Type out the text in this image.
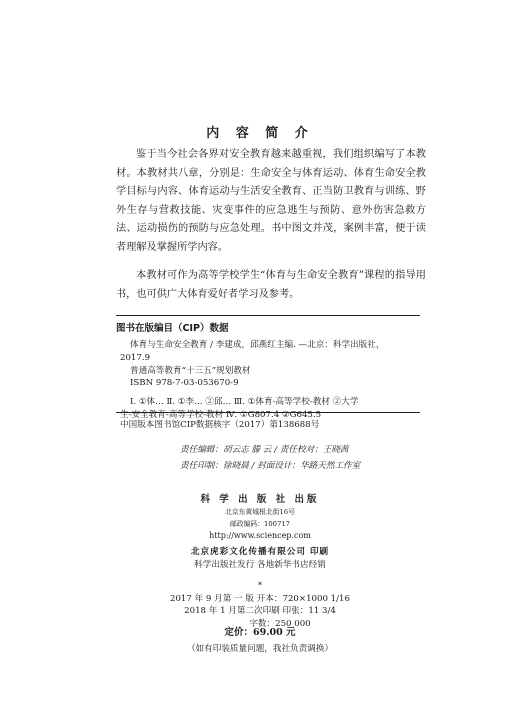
内 容 简 介

鉴于当今社会各界对安全教育越来越重视，我们组织编写了本教材。本教材共八章，分别是：生命安全与体育运动、体育生命安全教学目标与内容、体育运动与生活安全教育、正当防卫教育与训练、野外生存与营救技能、灾变事件的应急逃生与预防、意外伤害急救方法、运动损伤的预防与应急处理。书中图文并茂，案例丰富，便于读者理解及掌握所学内容。

本教材可作为高等学校学生“体育与生命安全教育”课程的指导用书，也可供广大体育爱好者学习及参考。

图书在版编目（CIP）数据
体育与生命安全教育 / 李建成，邱燕红主编. —北京：科学出版社，
2017.9
普通高等教育“十三五”规划教材
ISBN 978-7-03-053670-9
Ⅰ. ①体… Ⅱ. ①李… ②邱… Ⅲ. ①体育-高等学校-教材 ②大学
生-安全教育-高等学校-教材 Ⅳ. ①G807.4 ②G645.5
中国版本图书馆CIP数据核字（2017）第138688号
责任编辑：胡云志 滕 云 / 责任校对：王晓茜
责任印制：徐晓晨 / 封面设计：华路天然工作室
科 学 出 版 社 出版
北京东黄城根北街16号
邮政编码：100717
http://www.sciencep.com
北京虎彩文化传播有限公司 印刷
科学出版社发行 各地新华书店经销
*
2017 年 9 月第 一 版 开本：720×1000 1/16
2018 年 1 月第二次印刷 印张：11 3/4
字数：250 000
定价：69.00 元
（如有印装质量问题，我社负责调换）
